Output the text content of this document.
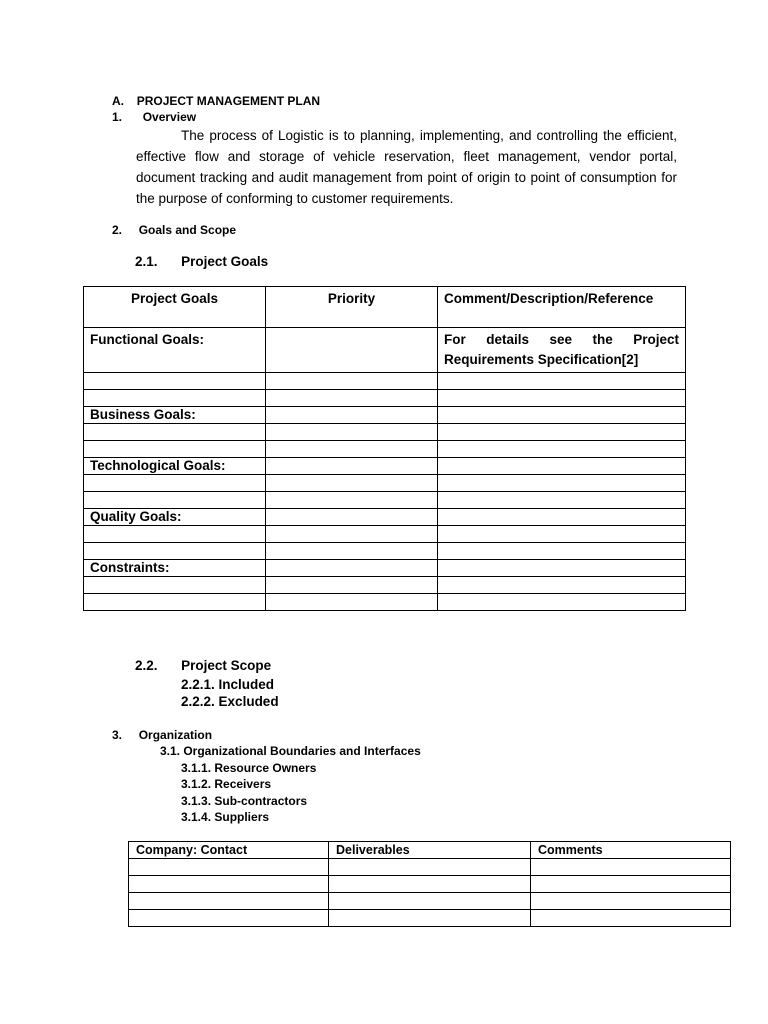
A. PROJECT MANAGEMENT PLAN
1. Overview
The process of Logistic is to planning, implementing, and controlling the efficient, effective flow and storage of vehicle reservation, fleet management, vendor portal, document tracking and audit management from point of origin to point of consumption for the purpose of conforming to customer requirements.
2. Goals and Scope
2.1. Project Goals
Project Goals	Priority	Comment/Description/Reference
Functional Goals:		For details see the Project
Requirements Specification[2]

Business Goals:		

Technological Goals:		

Quality Goals:		

Constraints:		

2.2. Project Scope
2.2.1. Included
2.2.2. Excluded
3. Organization
3.1. Organizational Boundaries and Interfaces
3.1.1. Resource Owners
3.1.2. Receivers
3.1.3. Sub-contractors
3.1.4. Suppliers
Company: Contact	Deliverables	Comments
